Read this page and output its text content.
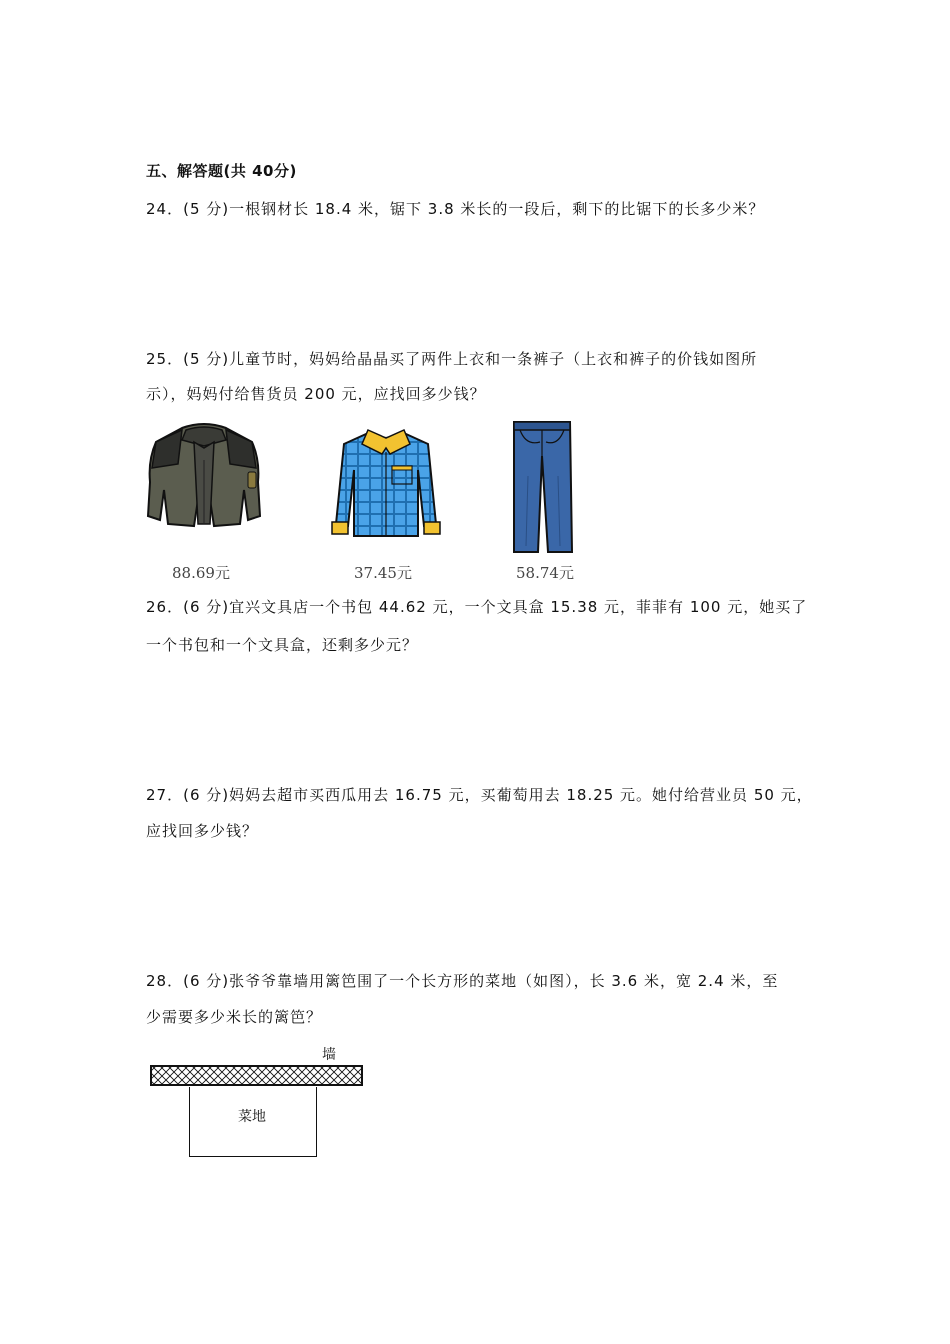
五、解答题(共 40分)
24．(5 分)一根钢材长 18.4 米，锯下 3.8 米长的一段后，剩下的比锯下的长多少米？
25．(5 分)儿童节时，妈妈给晶晶买了两件上衣和一条裤子（上衣和裤子的价钱如图所
示），妈妈付给售货员 200 元，应找回多少钱？
88.69元	37.45元	58.74元
26．(6 分)宜兴文具店一个书包 44.62 元，一个文具盒 15.38 元，菲菲有 100 元，她买了
一个书包和一个文具盒，还剩多少元？
27．(6 分)妈妈去超市买西瓜用去 16.75 元，买葡萄用去 18.25 元。她付给营业员 50 元，
应找回多少钱？
28．(6 分)张爷爷靠墙用篱笆围了一个长方形的菜地（如图），长 3.6 米，宽 2.4 米，至
少需要多少米长的篱笆？
墙
菜地
